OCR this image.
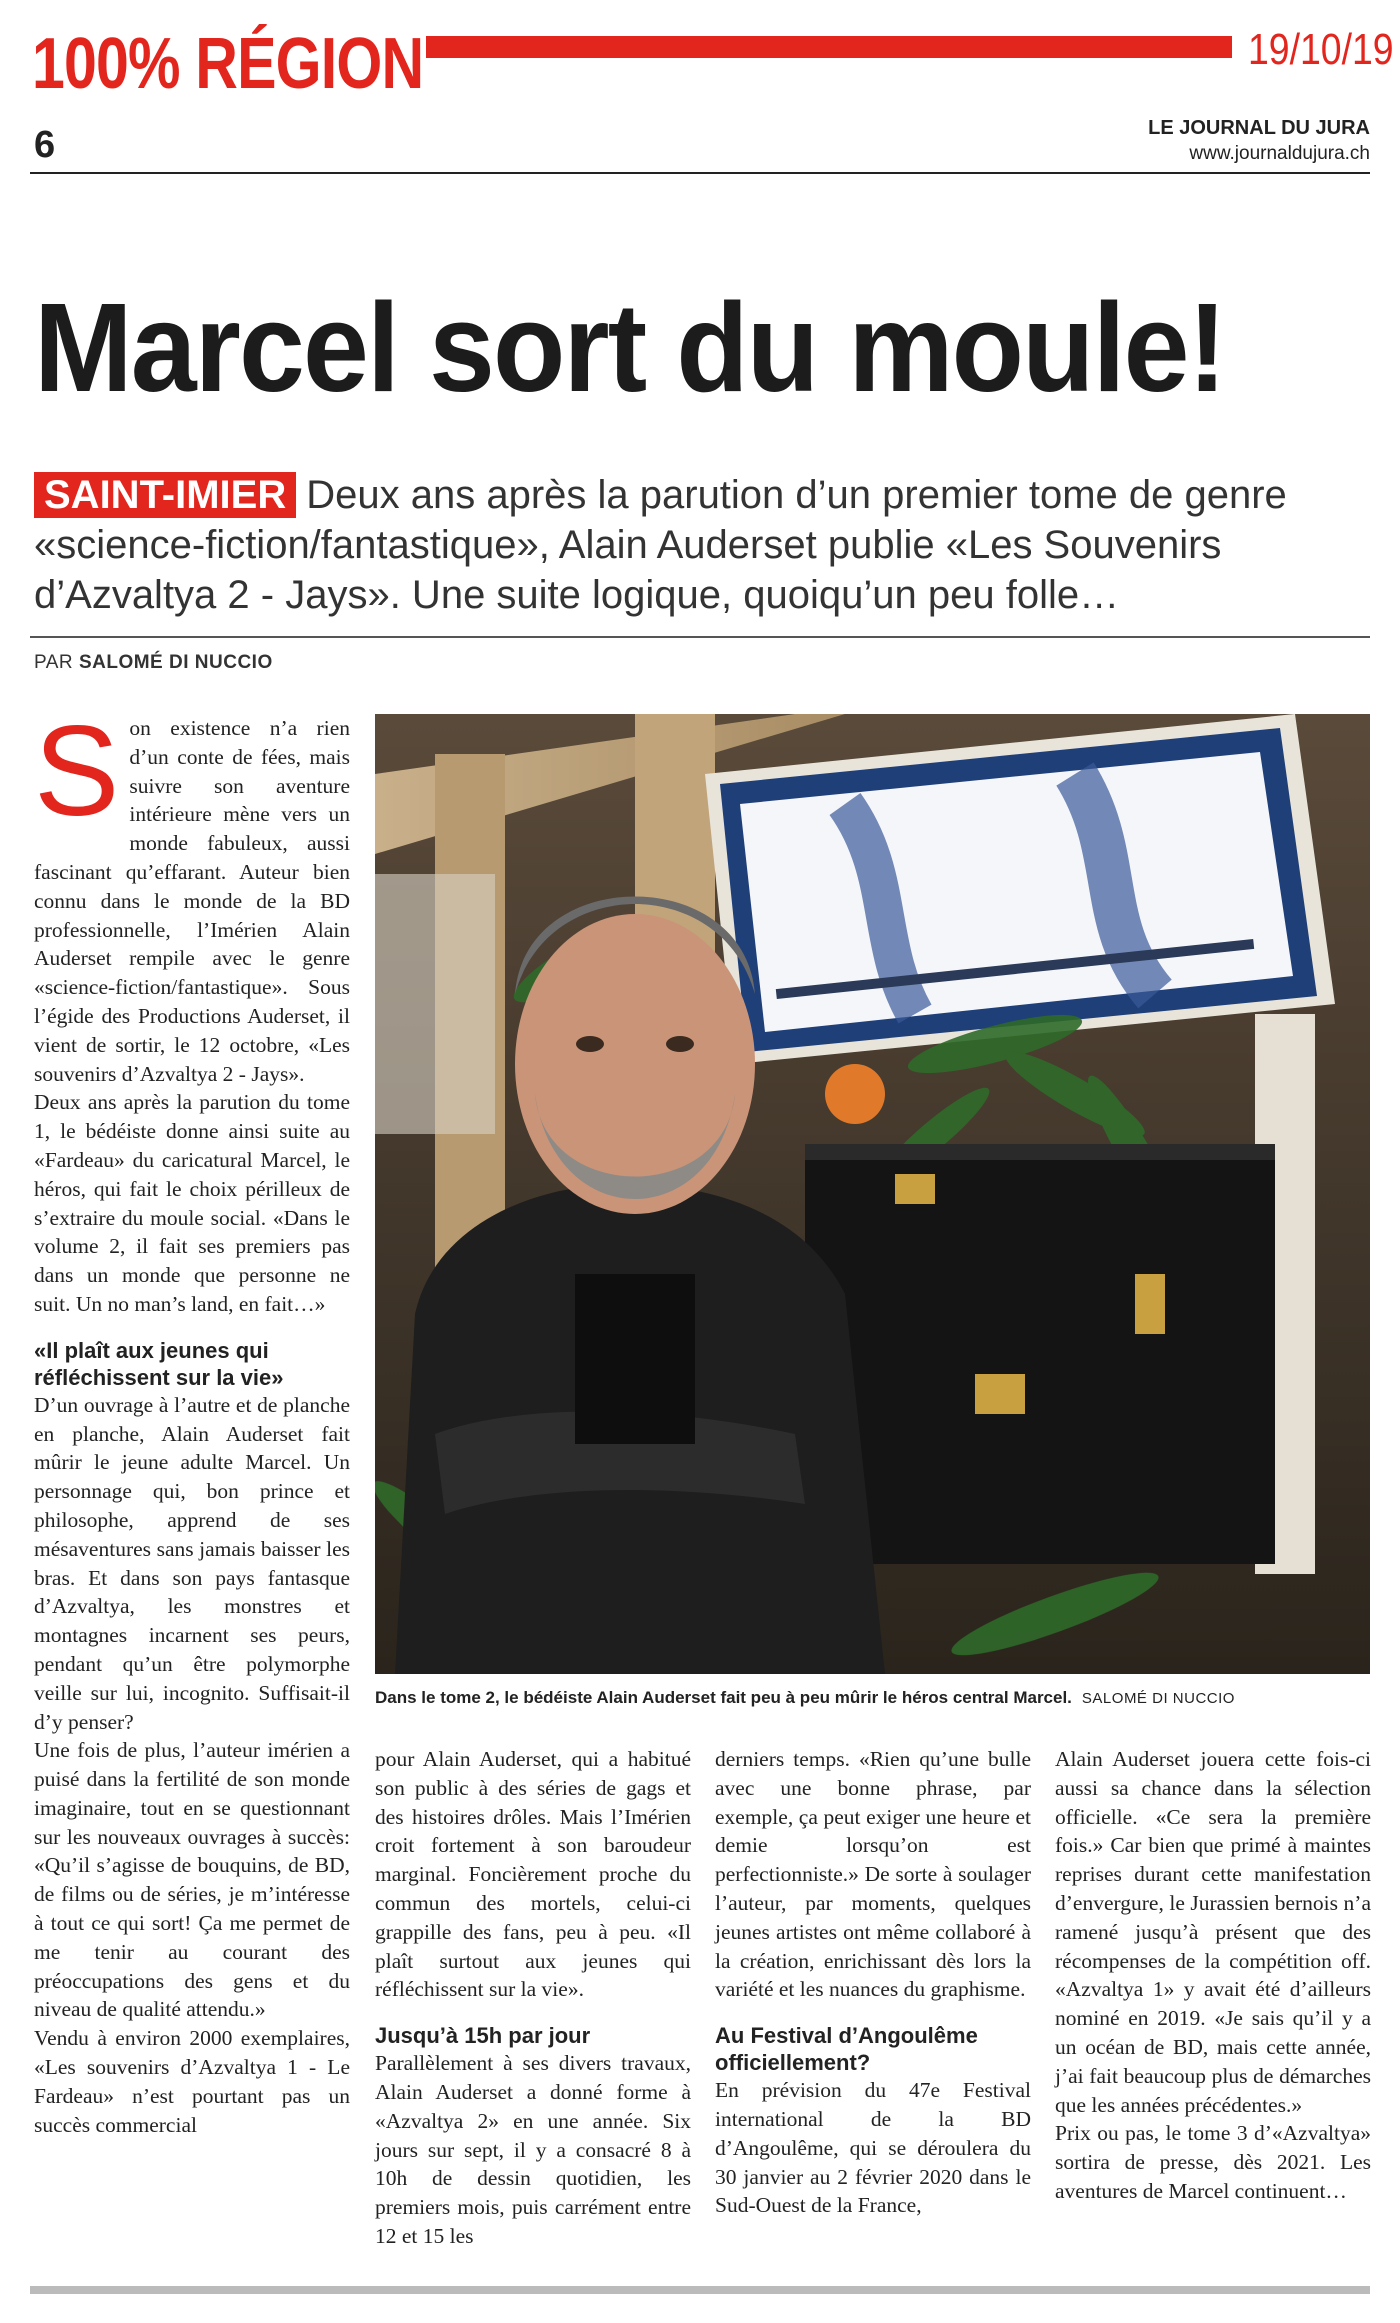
100% RÉGION	19/10/19
6	LE JOURNAL DU JURA
www.journaldujura.ch
Marcel sort du moule!
SAINT-IMIER Deux ans après la parution d’un premier tome de genre
«science-fiction/fantastique», Alain Auderset publie «Les Souvenirs
d’Azvaltya 2 - Jays». Une suite logique, quoiqu’un peu folle…
PAR SALOMÉ DI NUCCIO

Son existence n’a rien d’un conte de fées, mais suivre son aventure intérieure mène vers un monde fabuleux, aussi fascinant qu’effarant. Auteur bien connu dans le monde de la BD professionnelle, l’Imérien Alain Auderset rempile avec le genre «science-fiction/fantastique». Sous l’égide des Productions Auderset, il vient de sortir, le 12 octobre, «Les souvenirs d’Azvaltya 2 - Jays».

Deux ans après la parution du tome 1, le bédéiste donne ainsi suite au «Fardeau» du caricatural Marcel, le héros, qui fait le choix périlleux de s’extraire du moule social. «Dans le volume 2, il fait ses premiers pas dans un monde que personne ne suit. Un no man’s land, en fait…»

«Il plaît aux jeunes qui réfléchissent sur la vie»

D’un ouvrage à l’autre et de planche en planche, Alain Auderset fait mûrir le jeune adulte Marcel. Un personnage qui, bon prince et philosophe, apprend de ses mésaventures sans jamais baisser les bras. Et dans son pays fantasque d’Azvaltya, les monstres et montagnes incarnent ses peurs, pendant qu’un être polymorphe veille sur lui, incognito. Suffisait-il d’y penser?

Une fois de plus, l’auteur imérien a puisé dans la fertilité de son monde imaginaire, tout en se questionnant sur les nouveaux ouvrages à succès: «Qu’il s’agisse de bouquins, de BD, de films ou de séries, je m’intéresse à tout ce qui sort! Ça me permet de me tenir au courant des préoccupations des gens et du niveau de qualité attendu.»

Vendu à environ 2000 exemplaires, «Les souvenirs d’Azvaltya 1 - Le Fardeau» n’est pourtant pas un succès commercial

Dans le tome 2, le bédéiste Alain Auderset fait peu à peu mûrir le héros central Marcel. SALOMÉ DI NUCCIO

pour Alain Auderset, qui a habitué son public à des séries de gags et des histoires drôles. Mais l’Imérien croit fortement à son baroudeur marginal. Foncièrement proche du commun des mortels, celui-ci grappille des fans, peu à peu. «Il plaît surtout aux jeunes qui réfléchissent sur la vie».

Jusqu’à 15h par jour

Parallèlement à ses divers travaux, Alain Auderset a donné forme à «Azvaltya 2» en une année. Six jours sur sept, il y a consacré 8 à 10h de dessin quotidien, les premiers mois, puis carrément entre 12 et 15 les

derniers temps. «Rien qu’une bulle avec une bonne phrase, par exemple, ça peut exiger une heure et demie lorsqu’on est perfectionniste.» De sorte à soulager l’auteur, par moments, quelques jeunes artistes ont même collaboré à la création, enrichissant dès lors la variété et les nuances du graphisme.

Au Festival d’Angoulême officiellement?

En prévision du 47e Festival international de la BD d’Angoulême, qui se déroulera du 30 janvier au 2 février 2020 dans le Sud-Ouest de la France,

Alain Auderset jouera cette fois-ci aussi sa chance dans la sélection officielle. «Ce sera la première fois.» Car bien que primé à maintes reprises durant cette manifestation d’envergure, le Jurassien bernois n’a ramené jusqu’à présent que des récompenses de la compétition off. «Azvaltya 1» y avait été d’ailleurs nominé en 2019. «Je sais qu’il y a un océan de BD, mais cette année, j’ai fait beaucoup plus de démarches que les années précédentes.»

Prix ou pas, le tome 3 d’«Azvaltya» sortira de presse, dès 2021. Les aventures de Marcel continuent…
